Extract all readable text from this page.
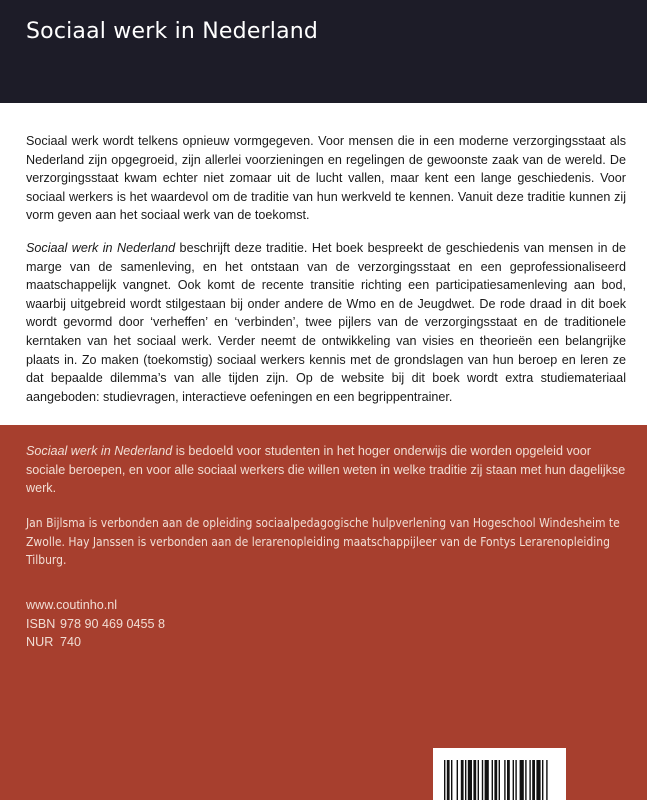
Sociaal werk in Nederland

Sociaal werk wordt telkens opnieuw vormgegeven. Voor mensen die in een moderne verzorgingsstaat als Nederland zijn opgegroeid, zijn allerlei voorzieningen en regelingen de gewoonste zaak van de wereld. De verzorgingsstaat kwam echter niet zomaar uit de lucht vallen, maar kent een lange geschiedenis. Voor sociaal werkers is het waardevol om de traditie van hun werkveld te kennen. Vanuit deze traditie kunnen zij vorm geven aan het sociaal werk van de toekomst.

Sociaal werk in Nederland beschrijft deze traditie. Het boek bespreekt de geschiedenis van mensen in de marge van de samenleving, en het ontstaan van de verzorgingsstaat en een geprofessionaliseerd maatschappelijk vangnet. Ook komt de recente transitie richting een participatiesamenleving aan bod, waarbij uitgebreid wordt stilgestaan bij onder andere de Wmo en de Jeugdwet. De rode draad in dit boek wordt gevormd door ‘verheffen’ en ‘verbinden’, twee pijlers van de verzorgingsstaat en de traditionele kerntaken van het sociaal werk. Verder neemt de ontwikkeling van visies en theorieën een belangrijke plaats in. Zo maken (toekomstig) sociaal werkers kennis met de grondslagen van hun beroep en leren ze dat bepaalde dilemma’s van alle tijden zijn. Op de website bij dit boek wordt extra studiemateriaal aangeboden: studievragen, interactieve oefeningen en een begrippentrainer.

Sociaal werk in Nederland is bedoeld voor studenten in het hoger onderwijs die worden opgeleid voor sociale beroepen, en voor alle sociaal werkers die willen weten in welke traditie zij staan met hun dagelijkse werk.

Jan Bijlsma is verbonden aan de opleiding sociaalpedagogische hulpverlening van Hogeschool Windesheim te Zwolle. Hay Janssen is verbonden aan de lerarenopleiding maatschappijleer van de Fontys Lerarenopleiding Tilburg.

www.coutinho.nl
ISBN 978 90 469 0455 8
NUR 740
